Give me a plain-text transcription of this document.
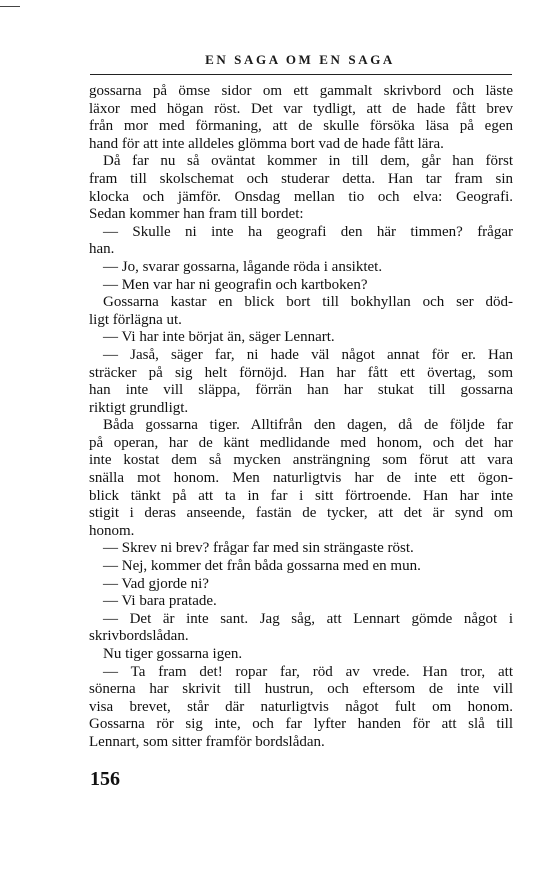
EN SAGA OM EN SAGA
gossarna på ömse sidor om ett gammalt skrivbord och läste
läxor med högan röst. Det var tydligt, att de hade fått brev
från mor med förmaning, att de skulle försöka läsa på egen
hand för att inte alldeles glömma bort vad de hade fått lära.
Då far nu så oväntat kommer in till dem, går han först
fram till skolschemat och studerar detta. Han tar fram sin
klocka och jämför. Onsdag mellan tio och elva: Geografi.
Sedan kommer han fram till bordet:
— Skulle ni inte ha geografi den här timmen? frågar
han.
— Jo, svarar gossarna, lågande röda i ansiktet.
— Men var har ni geografin och kartboken?
Gossarna kastar en blick bort till bokhyllan och ser död-
ligt förlägna ut.
— Vi har inte börjat än, säger Lennart.
— Jaså, säger far, ni hade väl något annat för er. Han
sträcker på sig helt förnöjd. Han har fått ett övertag, som
han inte vill släppa, förrän han har stukat till gossarna
riktigt grundligt.
Båda gossarna tiger. Alltifrån den dagen, då de följde far
på operan, har de känt medlidande med honom, och det har
inte kostat dem så mycken ansträngning som förut att vara
snälla mot honom. Men naturligtvis har de inte ett ögon-
blick tänkt på att ta in far i sitt förtroende. Han har inte
stigit i deras anseende, fastän de tycker, att det är synd om
honom.
— Skrev ni brev? frågar far med sin strängaste röst.
— Nej, kommer det från båda gossarna med en mun.
— Vad gjorde ni?
— Vi bara pratade.
— Det är inte sant. Jag såg, att Lennart gömde något i
skrivbordslådan.
Nu tiger gossarna igen.
— Ta fram det! ropar far, röd av vrede. Han tror, att
sönerna har skrivit till hustrun, och eftersom de inte vill
visa brevet, står där naturligtvis något fult om honom.
Gossarna rör sig inte, och far lyfter handen för att slå till
Lennart, som sitter framför bordslådan.
156
